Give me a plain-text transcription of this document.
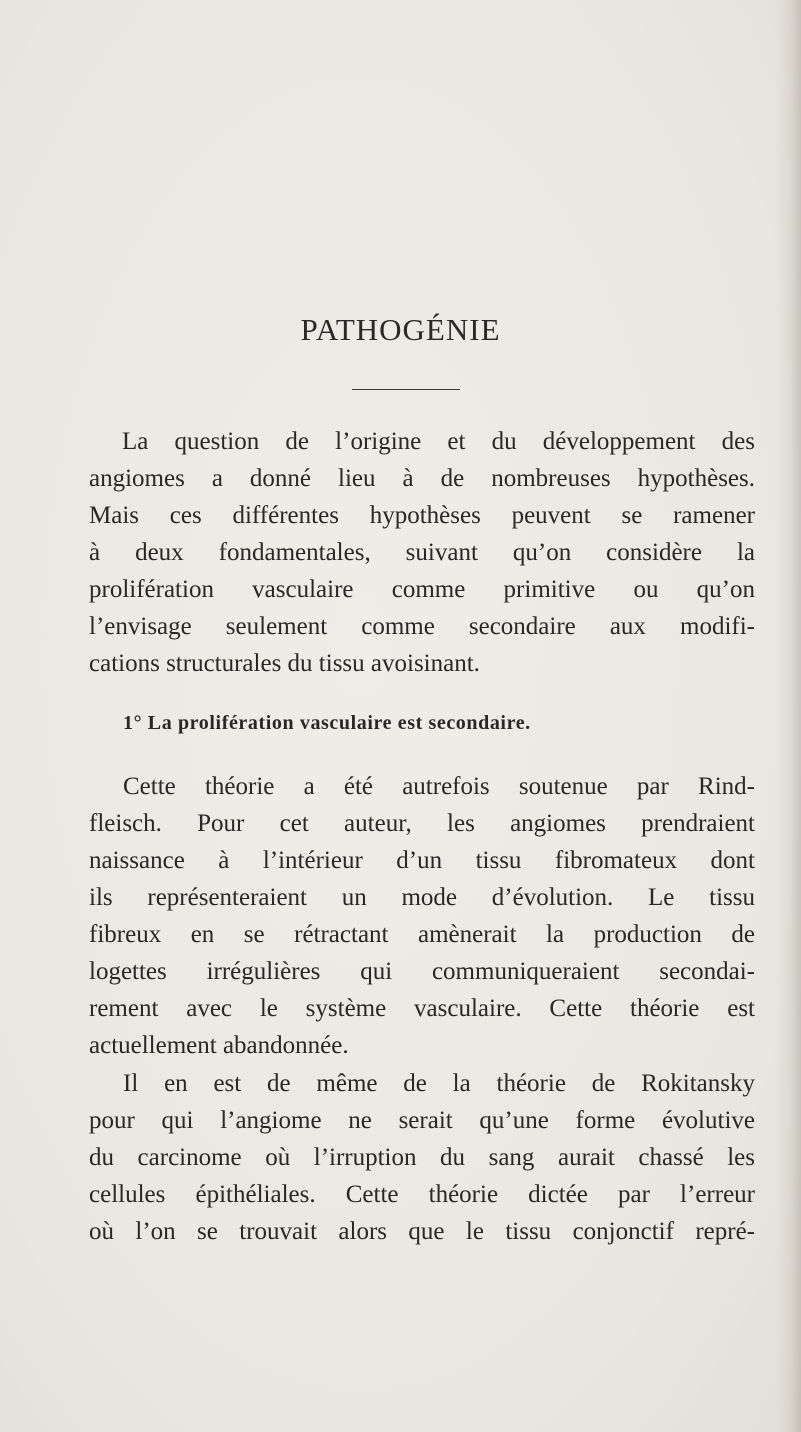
PATHOGÉNIE
La question de l’origine et du développement des
angiomes a donné lieu à de nombreuses hypothèses.
Mais ces différentes hypothèses peuvent se ramener
à deux fondamentales, suivant qu’on considère la
prolifération vasculaire comme primitive ou qu’on
l’envisage seulement comme secondaire aux modifi-
cations structurales du tissu avoisinant.
1° La prolifération vasculaire est secondaire.
Cette théorie a été autrefois soutenue par Rind-
fleisch. Pour cet auteur, les angiomes prendraient
naissance à l’intérieur d’un tissu fibromateux dont
ils représenteraient un mode d’évolution. Le tissu
fibreux en se rétractant amènerait la production de
logettes irrégulières qui communiqueraient secondai-
rement avec le système vasculaire. Cette théorie est
actuellement abandonnée.
Il en est de même de la théorie de Rokitansky
pour qui l’angiome ne serait qu’une forme évolutive
du carcinome où l’irruption du sang aurait chassé les
cellules épithéliales. Cette théorie dictée par l’erreur
où l’on se trouvait alors que le tissu conjonctif repré-
